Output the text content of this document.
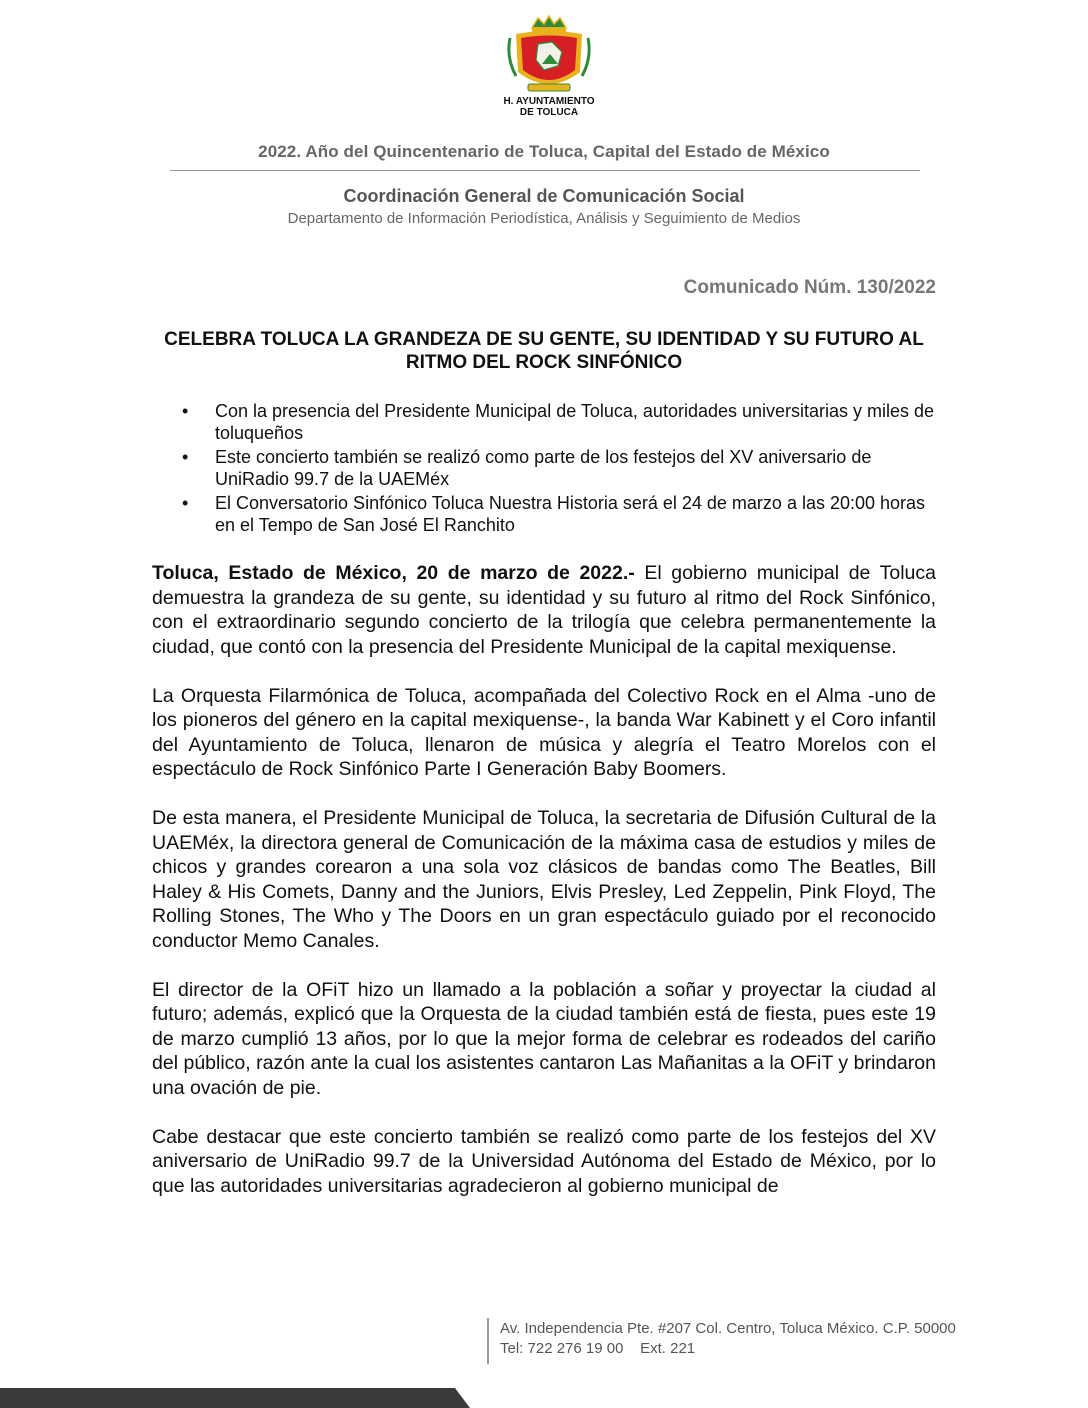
H. AYUNTAMIENTO
DE TOLUCA
2022. Año del Quincentenario de Toluca, Capital del Estado de México
Coordinación General de Comunicación Social
Departamento de Información Periodística, Análisis y Seguimiento de Medios
Comunicado Núm. 130/2022
CELEBRA TOLUCA LA GRANDEZA DE SU GENTE, SU IDENTIDAD Y SU FUTURO AL RITMO DEL ROCK SINFÓNICO
• Con la presencia del Presidente Municipal de Toluca, autoridades universitarias y miles de toluqueños
• Este concierto también se realizó como parte de los festejos del XV aniversario de UniRadio 99.7 de la UAEMéx
• El Conversatorio Sinfónico Toluca Nuestra Historia será el 24 de marzo a las 20:00 horas en el Tempo de San José El Ranchito

Toluca, Estado de México, 20 de marzo de 2022.- El gobierno municipal de Toluca demuestra la grandeza de su gente, su identidad y su futuro al ritmo del Rock Sinfónico, con el extraordinario segundo concierto de la trilogía que celebra permanentemente la ciudad, que contó con la presencia del Presidente Municipal de la capital mexiquense.

La Orquesta Filarmónica de Toluca, acompañada del Colectivo Rock en el Alma -uno de los pioneros del género en la capital mexiquense-, la banda War Kabinett y el Coro infantil del Ayuntamiento de Toluca, llenaron de música y alegría el Teatro Morelos con el espectáculo de Rock Sinfónico Parte I Generación Baby Boomers.

De esta manera, el Presidente Municipal de Toluca, la secretaria de Difusión Cultural de la UAEMéx, la directora general de Comunicación de la máxima casa de estudios y miles de chicos y grandes corearon a una sola voz clásicos de bandas como The Beatles, Bill Haley & His Comets, Danny and the Juniors, Elvis Presley, Led Zeppelin, Pink Floyd, The Rolling Stones, The Who y The Doors en un gran espectáculo guiado por el reconocido conductor Memo Canales.

El director de la OFiT hizo un llamado a la población a soñar y proyectar la ciudad al futuro; además, explicó que la Orquesta de la ciudad también está de fiesta, pues este 19 de marzo cumplió 13 años, por lo que la mejor forma de celebrar es rodeados del cariño del público, razón ante la cual los asistentes cantaron Las Mañanitas a la OFiT y brindaron una ovación de pie.

Cabe destacar que este concierto también se realizó como parte de los festejos del XV aniversario de UniRadio 99.7 de la Universidad Autónoma del Estado de México, por lo que las autoridades universitarias agradecieron al gobierno municipal de

Av. Independencia Pte. #207 Col. Centro, Toluca México. C.P. 50000
Tel: 722 276 19 00    Ext. 221
